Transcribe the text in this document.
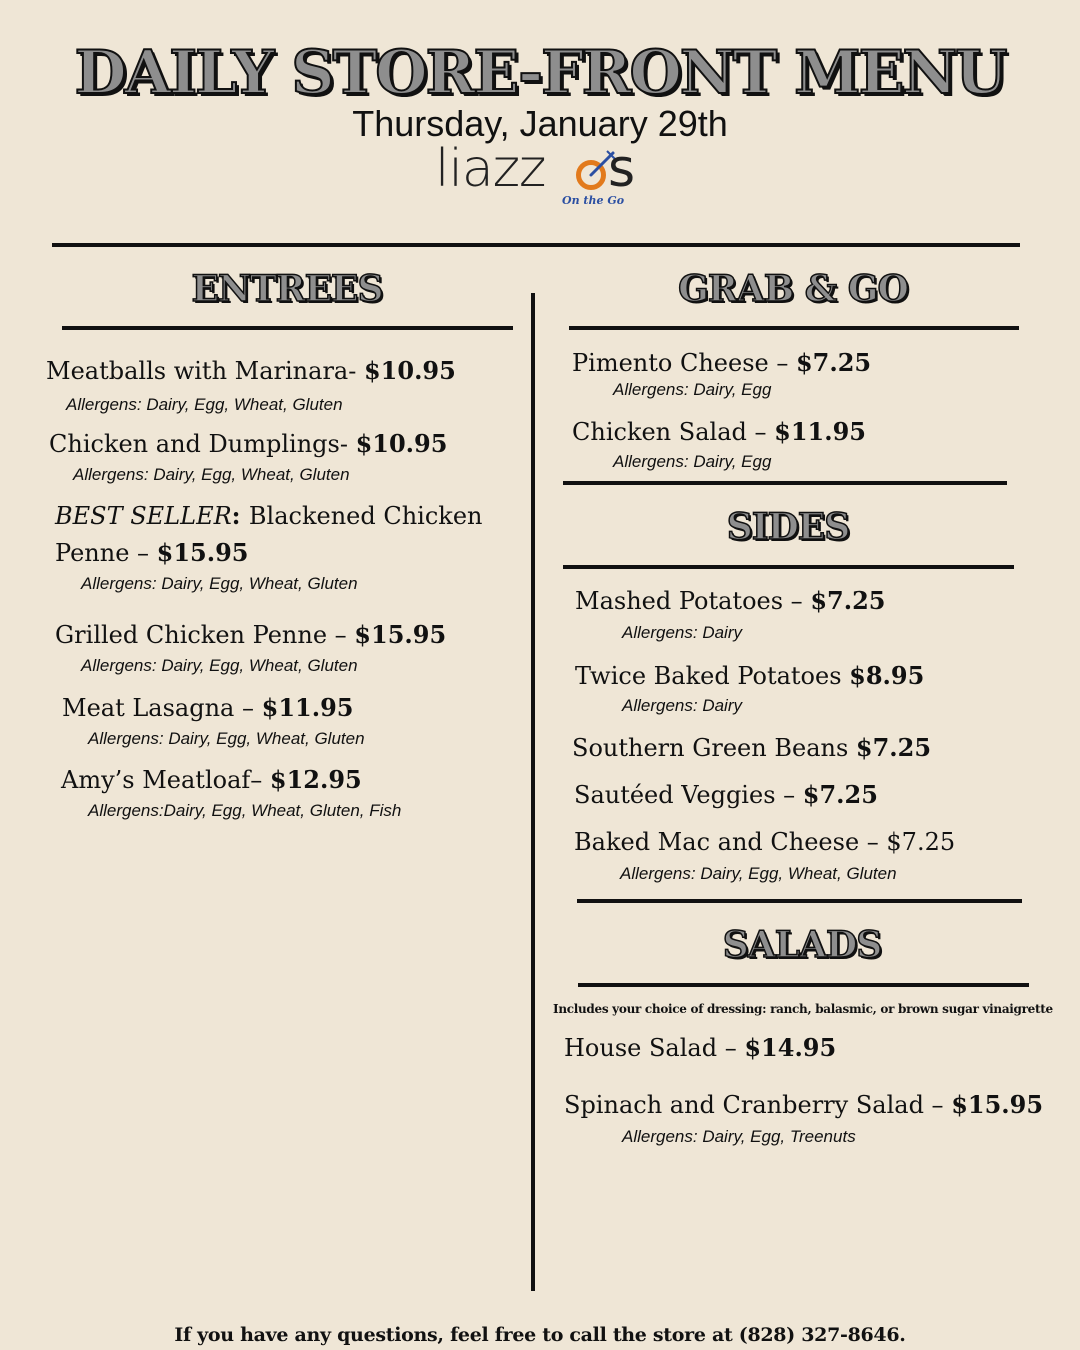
DAILY STORE-FRONT MENU
Thursday, January 29th
liazz s
On the Go
ENTREES
Meatballs with Marinara- $10.95
Allergens: Dairy, Egg, Wheat, Gluten
Chicken and Dumplings- $10.95
Allergens: Dairy, Egg, Wheat, Gluten
BEST SELLER: Blackened Chicken
Penne – $15.95
Allergens: Dairy, Egg, Wheat, Gluten
Grilled Chicken Penne – $15.95
Allergens: Dairy, Egg, Wheat, Gluten
Meat Lasagna – $11.95
Allergens: Dairy, Egg, Wheat, Gluten
Amy’s Meatloaf– $12.95
Allergens:Dairy, Egg, Wheat, Gluten, Fish
GRAB & GO
Pimento Cheese – $7.25
Allergens: Dairy, Egg
Chicken Salad – $11.95
Allergens: Dairy, Egg
SIDES
Mashed Potatoes – $7.25
Allergens: Dairy
Twice Baked Potatoes $8.95
Allergens: Dairy
Southern Green Beans $7.25
Sautéed Veggies – $7.25
Baked Mac and Cheese – $7.25
Allergens: Dairy, Egg, Wheat, Gluten
SALADS
Includes your choice of dressing: ranch, balasmic, or brown sugar vinaigrette
House Salad – $14.95
Spinach and Cranberry Salad – $15.95
Allergens: Dairy, Egg, Treenuts
If you have any questions, feel free to call the store at (828) 327-8646.
